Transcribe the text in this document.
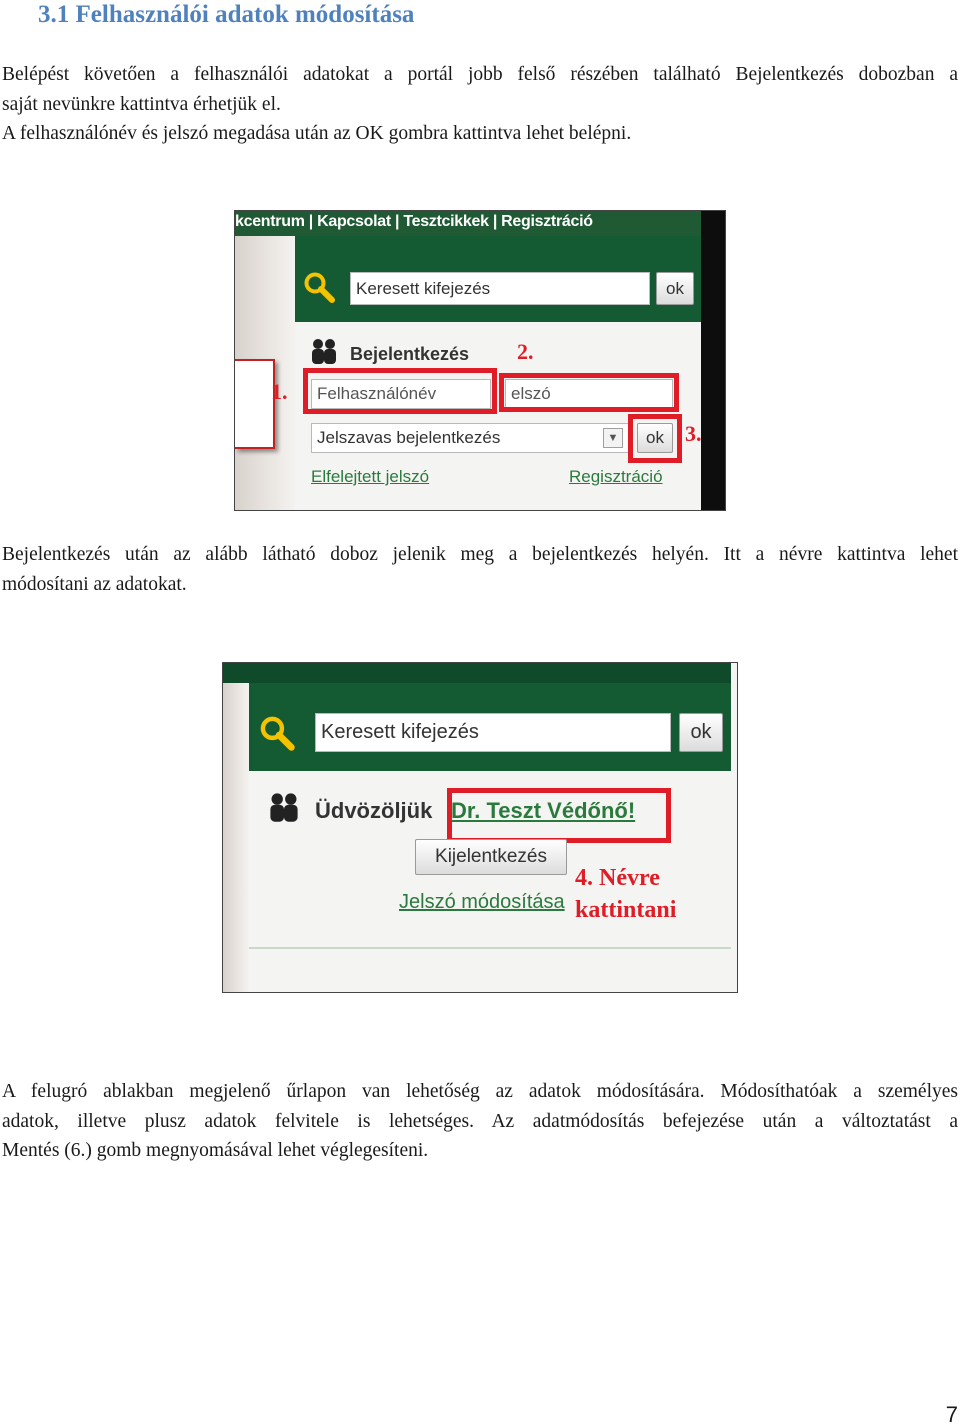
3.1 Felhasználói adatok módosítása

Belépést követően a felhasználói adatokat a portál jobb felső részében található Bejelentkezés dobozban a
saját nevünkre kattintva érhetjük el.
A felhasználónév és jelszó megadása után az OK gombra kattintva lehet belépni.

kcentrum | Kapcsolat | Tesztcikkek | Regisztráció
Keresett kifejezés	ok
Bejelentkezés 2.
1.	Felhasználónév	elszó
Jelszavas bejelentkezés	▼	ok 3.
Elfelejtett jelszó	Regisztráció

Bejelentkezés után az alább látható doboz jelenik meg a bejelentkezés helyén. Itt a névre kattintva lehet
módosítani az adatokat.

Keresett kifejezés	ok
Üdvözöljük Dr. Teszt Védőnő!
Kijelentkezés
4. Névre
Jelszó módosítása kattintani

A felugró ablakban megjelenő űrlapon van lehetőség az adatok módosítására. Módosíthatóak a személyes
adatok, illetve plusz adatok felvitele is lehetséges. Az adatmódosítás befejezése után a változtatást a
Mentés (6.) gomb megnyomásával lehet véglegesíteni.

7
